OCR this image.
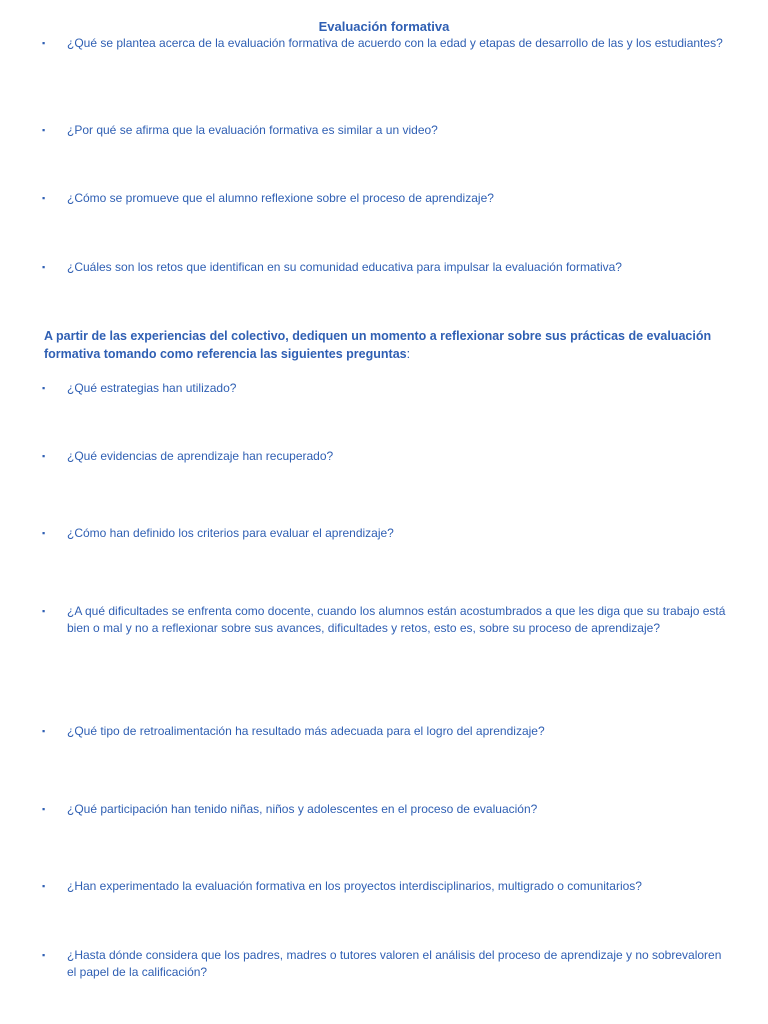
Evaluación formativa
▪	¿Qué se plantea acerca de la evaluación formativa de acuerdo con la edad y etapas de desarrollo de las y los estudiantes?
▪	¿Por qué se afirma que la evaluación formativa es similar a un video?
▪	¿Cómo se promueve que el alumno reflexione sobre el proceso de aprendizaje?
▪	¿Cuáles son los retos que identifican en su comunidad educativa para impulsar la evaluación formativa?
A partir de las experiencias del colectivo, dediquen un momento a reflexionar sobre sus prácticas de evaluación formativa tomando como referencia las siguientes preguntas:
▪	¿Qué estrategias han utilizado?
▪	¿Qué evidencias de aprendizaje han recuperado?
▪	¿Cómo han definido los criterios para evaluar el aprendizaje?
▪	¿A qué dificultades se enfrenta como docente, cuando los alumnos están acostumbrados a que les diga que su trabajo está bien o mal y no a reflexionar sobre sus avances, dificultades y retos, esto es, sobre su proceso de aprendizaje?
▪	¿Qué tipo de retroalimentación ha resultado más adecuada para el logro del aprendizaje?
▪	¿Qué participación han tenido niñas, niños y adolescentes en el proceso de evaluación?
▪	¿Han experimentado la evaluación formativa en los proyectos interdisciplinarios, multigrado o comunitarios?
▪	¿Hasta dónde considera que los padres, madres o tutores valoren el análisis del proceso de aprendizaje y no sobrevaloren el papel de la calificación?
